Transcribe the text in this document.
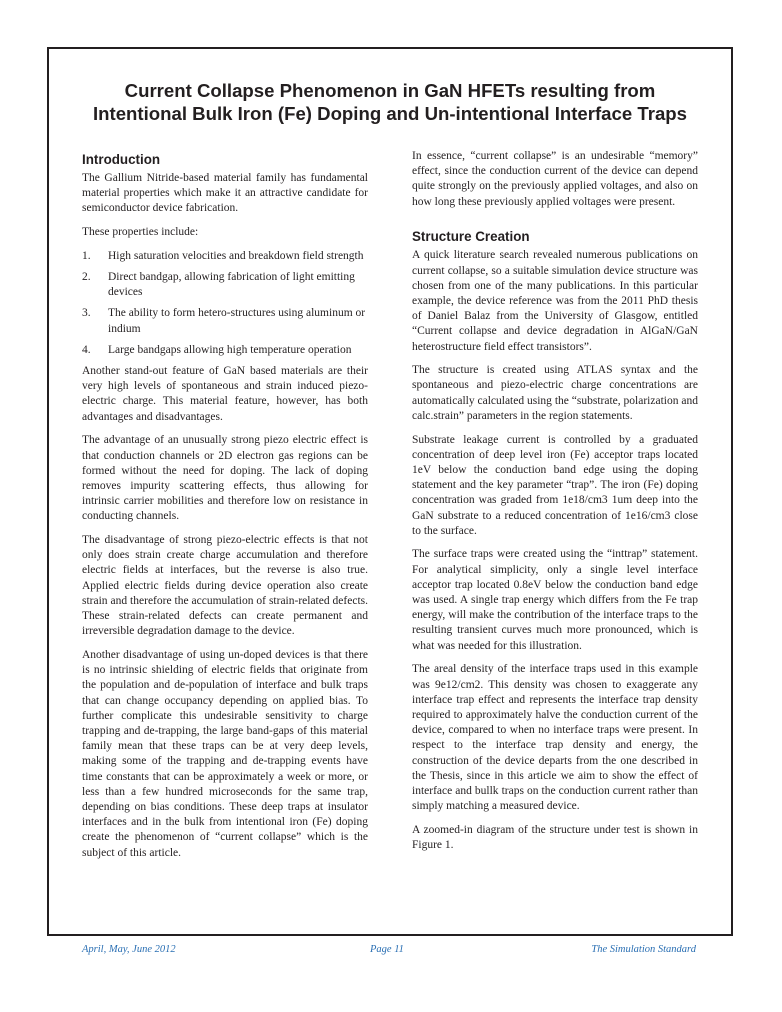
Current Collapse Phenomenon in GaN HFETs resulting from
Intentional Bulk Iron (Fe) Doping and Un-intentional Interface Traps
Introduction

The Gallium Nitride-based material family has fundamental material properties which make it an attractive candidate for semiconductor device fabrication.

These properties include:

1. High saturation velocities and breakdown field strength
2. Direct bandgap, allowing fabrication of light emitting devices
3. The ability to form hetero-structures using aluminum or indium
4. Large bandgaps allowing high temperature operation

Another stand-out feature of GaN based materials are their very high levels of spontaneous and strain induced piezo-electric charge. This material feature, however, has both advantages and disadvantages.

The advantage of an unusually strong piezo electric effect is that conduction channels or 2D electron gas regions can be formed without the need for doping. The lack of doping removes impurity scattering effects, thus allowing for intrinsic carrier mobilities and therefore low on resistance in conducting channels.

The disadvantage of strong piezo-electric effects is that not only does strain create charge accumulation and therefore electric fields at interfaces, but the reverse is also true. Applied electric fields during device operation also create strain and therefore the accumulation of strain-related defects. These strain-related defects can create permanent and irreversible degradation damage to the device.

Another disadvantage of using un-doped devices is that there is no intrinsic shielding of electric fields that originate from the population and de-population of interface and bulk traps that can change occupancy depending on applied bias. To further complicate this undesirable sensitivity to charge trapping and de-trapping, the large band-gaps of this material family mean that these traps can be at very deep levels, making some of the trapping and de-trapping events have time constants that can be approximately a week or more, or less than a few hundred microseconds for the same trap, depending on bias conditions. These deep traps at insulator interfaces and in the bulk from intentional iron (Fe) doping create the phenomenon of “current collapse” which is the subject of this article.

In essence, “current collapse” is an undesirable “memory” effect, since the conduction current of the device can depend quite strongly on the previously applied voltages, and also on how long these previously applied voltages were present.

Structure Creation

A quick literature search revealed numerous publications on current collapse, so a suitable simulation device structure was chosen from one of the many publications. In this particular example, the device reference was from the 2011 PhD thesis of Daniel Balaz from the University of Glasgow, entitled “Current collapse and device degradation in AlGaN/GaN heterostructure field effect transistors”.

The structure is created using ATLAS syntax and the spontaneous and piezo-electric charge concentrations are automatically calculated using the “substrate, polarization and calc.strain” parameters in the region statements.

Substrate leakage current is controlled by a graduated concentration of deep level iron (Fe) acceptor traps located 1eV below the conduction band edge using the doping statement and the key parameter “trap”. The iron (Fe) doping concentration was graded from 1e18/cm3 1um deep into the GaN substrate to a reduced concentration of 1e16/cm3 close to the surface.

The surface traps were created using the “inttrap” statement. For analytical simplicity, only a single level interface acceptor trap located 0.8eV below the conduction band edge was used. A single trap energy which differs from the Fe trap energy, will make the contribution of the interface traps to the resulting transient curves much more pronounced, which is what was needed for this illustration.

The areal density of the interface traps used in this example was 9e12/cm2. This density was chosen to exaggerate any interface trap effect and represents the interface trap density required to approximately halve the conduction current of the device, compared to when no interface traps were present. In respect to the interface trap density and energy, the construction of the device departs from the one described in the Thesis, since in this article we aim to show the effect of interface and bullk traps on the conduction current rather than simply matching a measured device.

A zoomed-in diagram of the structure under test is shown in Figure 1.

April, May, June 2012	Page 11	The Simulation Standard
